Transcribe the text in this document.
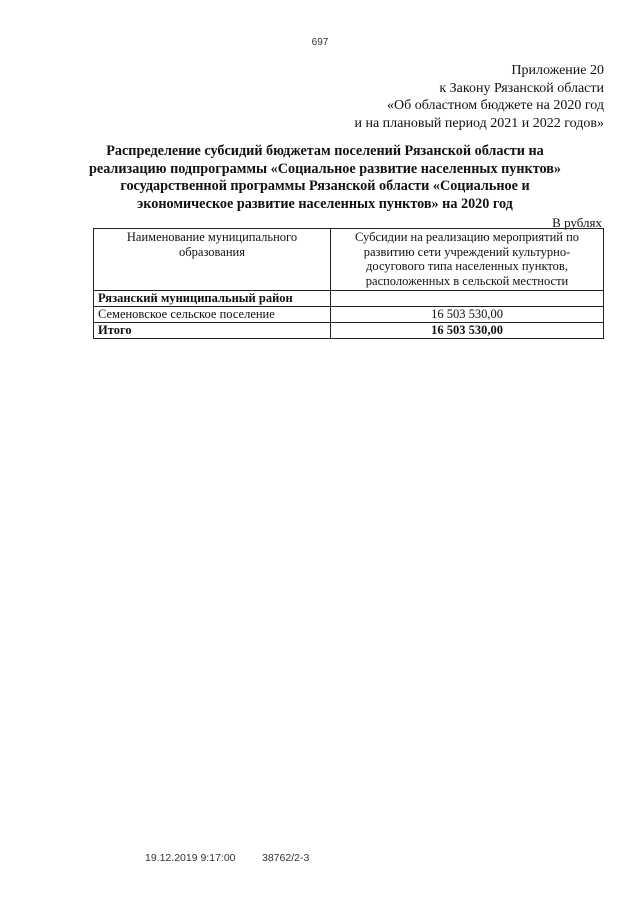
697
Приложение 20
к Закону Рязанской области
«Об областном бюджете на 2020 год
и на плановый период 2021 и 2022 годов»
Распределение субсидий бюджетам поселений Рязанской области на
реализацию подпрограммы «Социальное развитие населенных пунктов»
государственной программы Рязанской области «Социальное и
экономическое развитие населенных пунктов» на 2020 год
В рублях
Наименование муниципального образования	Субсидии на реализацию мероприятий по развитию сети учреждений культурно-досугового типа населенных пунктов, расположенных в сельской местности
Рязанский муниципальный район	
Семеновское сельское поселение	16 503 530,00
Итого	16 503 530,00
19.12.2019 9:17:00	38762/2-3
